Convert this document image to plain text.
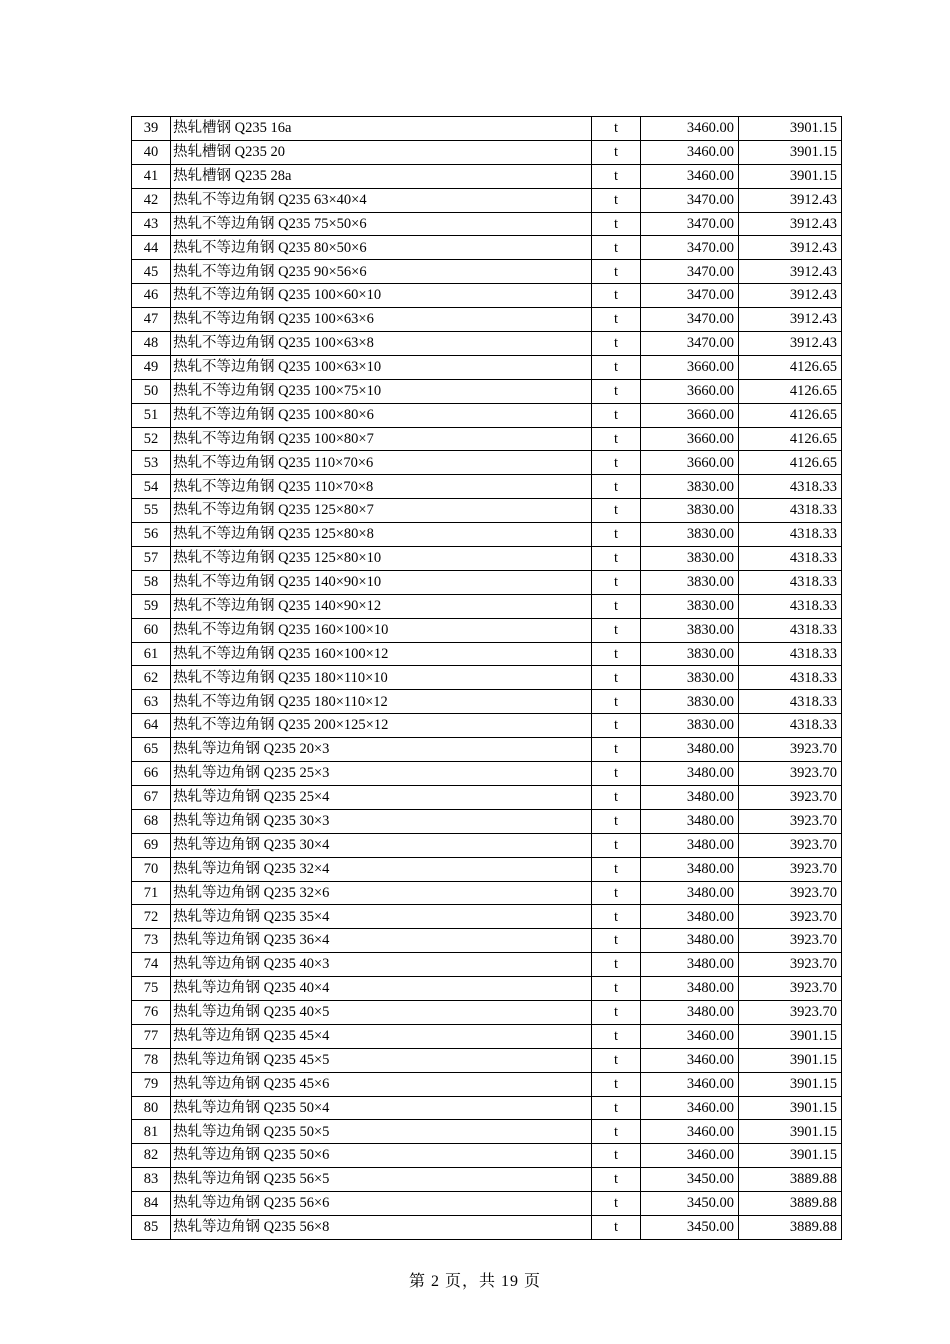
39	热轧槽钢 Q235 16a	t	3460.00	3901.15
40	热轧槽钢 Q235 20	t	3460.00	3901.15
41	热轧槽钢 Q235 28a	t	3460.00	3901.15
42	热轧不等边角钢 Q235 63×40×4	t	3470.00	3912.43
43	热轧不等边角钢 Q235 75×50×6	t	3470.00	3912.43
44	热轧不等边角钢 Q235 80×50×6	t	3470.00	3912.43
45	热轧不等边角钢 Q235 90×56×6	t	3470.00	3912.43
46	热轧不等边角钢 Q235 100×60×10	t	3470.00	3912.43
47	热轧不等边角钢 Q235 100×63×6	t	3470.00	3912.43
48	热轧不等边角钢 Q235 100×63×8	t	3470.00	3912.43
49	热轧不等边角钢 Q235 100×63×10	t	3660.00	4126.65
50	热轧不等边角钢 Q235 100×75×10	t	3660.00	4126.65
51	热轧不等边角钢 Q235 100×80×6	t	3660.00	4126.65
52	热轧不等边角钢 Q235 100×80×7	t	3660.00	4126.65
53	热轧不等边角钢 Q235 110×70×6	t	3660.00	4126.65
54	热轧不等边角钢 Q235 110×70×8	t	3830.00	4318.33
55	热轧不等边角钢 Q235 125×80×7	t	3830.00	4318.33
56	热轧不等边角钢 Q235 125×80×8	t	3830.00	4318.33
57	热轧不等边角钢 Q235 125×80×10	t	3830.00	4318.33
58	热轧不等边角钢 Q235 140×90×10	t	3830.00	4318.33
59	热轧不等边角钢 Q235 140×90×12	t	3830.00	4318.33
60	热轧不等边角钢 Q235 160×100×10	t	3830.00	4318.33
61	热轧不等边角钢 Q235 160×100×12	t	3830.00	4318.33
62	热轧不等边角钢 Q235 180×110×10	t	3830.00	4318.33
63	热轧不等边角钢 Q235 180×110×12	t	3830.00	4318.33
64	热轧不等边角钢 Q235 200×125×12	t	3830.00	4318.33
65	热轧等边角钢 Q235 20×3	t	3480.00	3923.70
66	热轧等边角钢 Q235 25×3	t	3480.00	3923.70
67	热轧等边角钢 Q235 25×4	t	3480.00	3923.70
68	热轧等边角钢 Q235 30×3	t	3480.00	3923.70
69	热轧等边角钢 Q235 30×4	t	3480.00	3923.70
70	热轧等边角钢 Q235 32×4	t	3480.00	3923.70
71	热轧等边角钢 Q235 32×6	t	3480.00	3923.70
72	热轧等边角钢 Q235 35×4	t	3480.00	3923.70
73	热轧等边角钢 Q235 36×4	t	3480.00	3923.70
74	热轧等边角钢 Q235 40×3	t	3480.00	3923.70
75	热轧等边角钢 Q235 40×4	t	3480.00	3923.70
76	热轧等边角钢 Q235 40×5	t	3480.00	3923.70
77	热轧等边角钢 Q235 45×4	t	3460.00	3901.15
78	热轧等边角钢 Q235 45×5	t	3460.00	3901.15
79	热轧等边角钢 Q235 45×6	t	3460.00	3901.15
80	热轧等边角钢 Q235 50×4	t	3460.00	3901.15
81	热轧等边角钢 Q235 50×5	t	3460.00	3901.15
82	热轧等边角钢 Q235 50×6	t	3460.00	3901.15
83	热轧等边角钢 Q235 56×5	t	3450.00	3889.88
84	热轧等边角钢 Q235 56×6	t	3450.00	3889.88
85	热轧等边角钢 Q235 56×8	t	3450.00	3889.88
第 2 页，共 19 页
